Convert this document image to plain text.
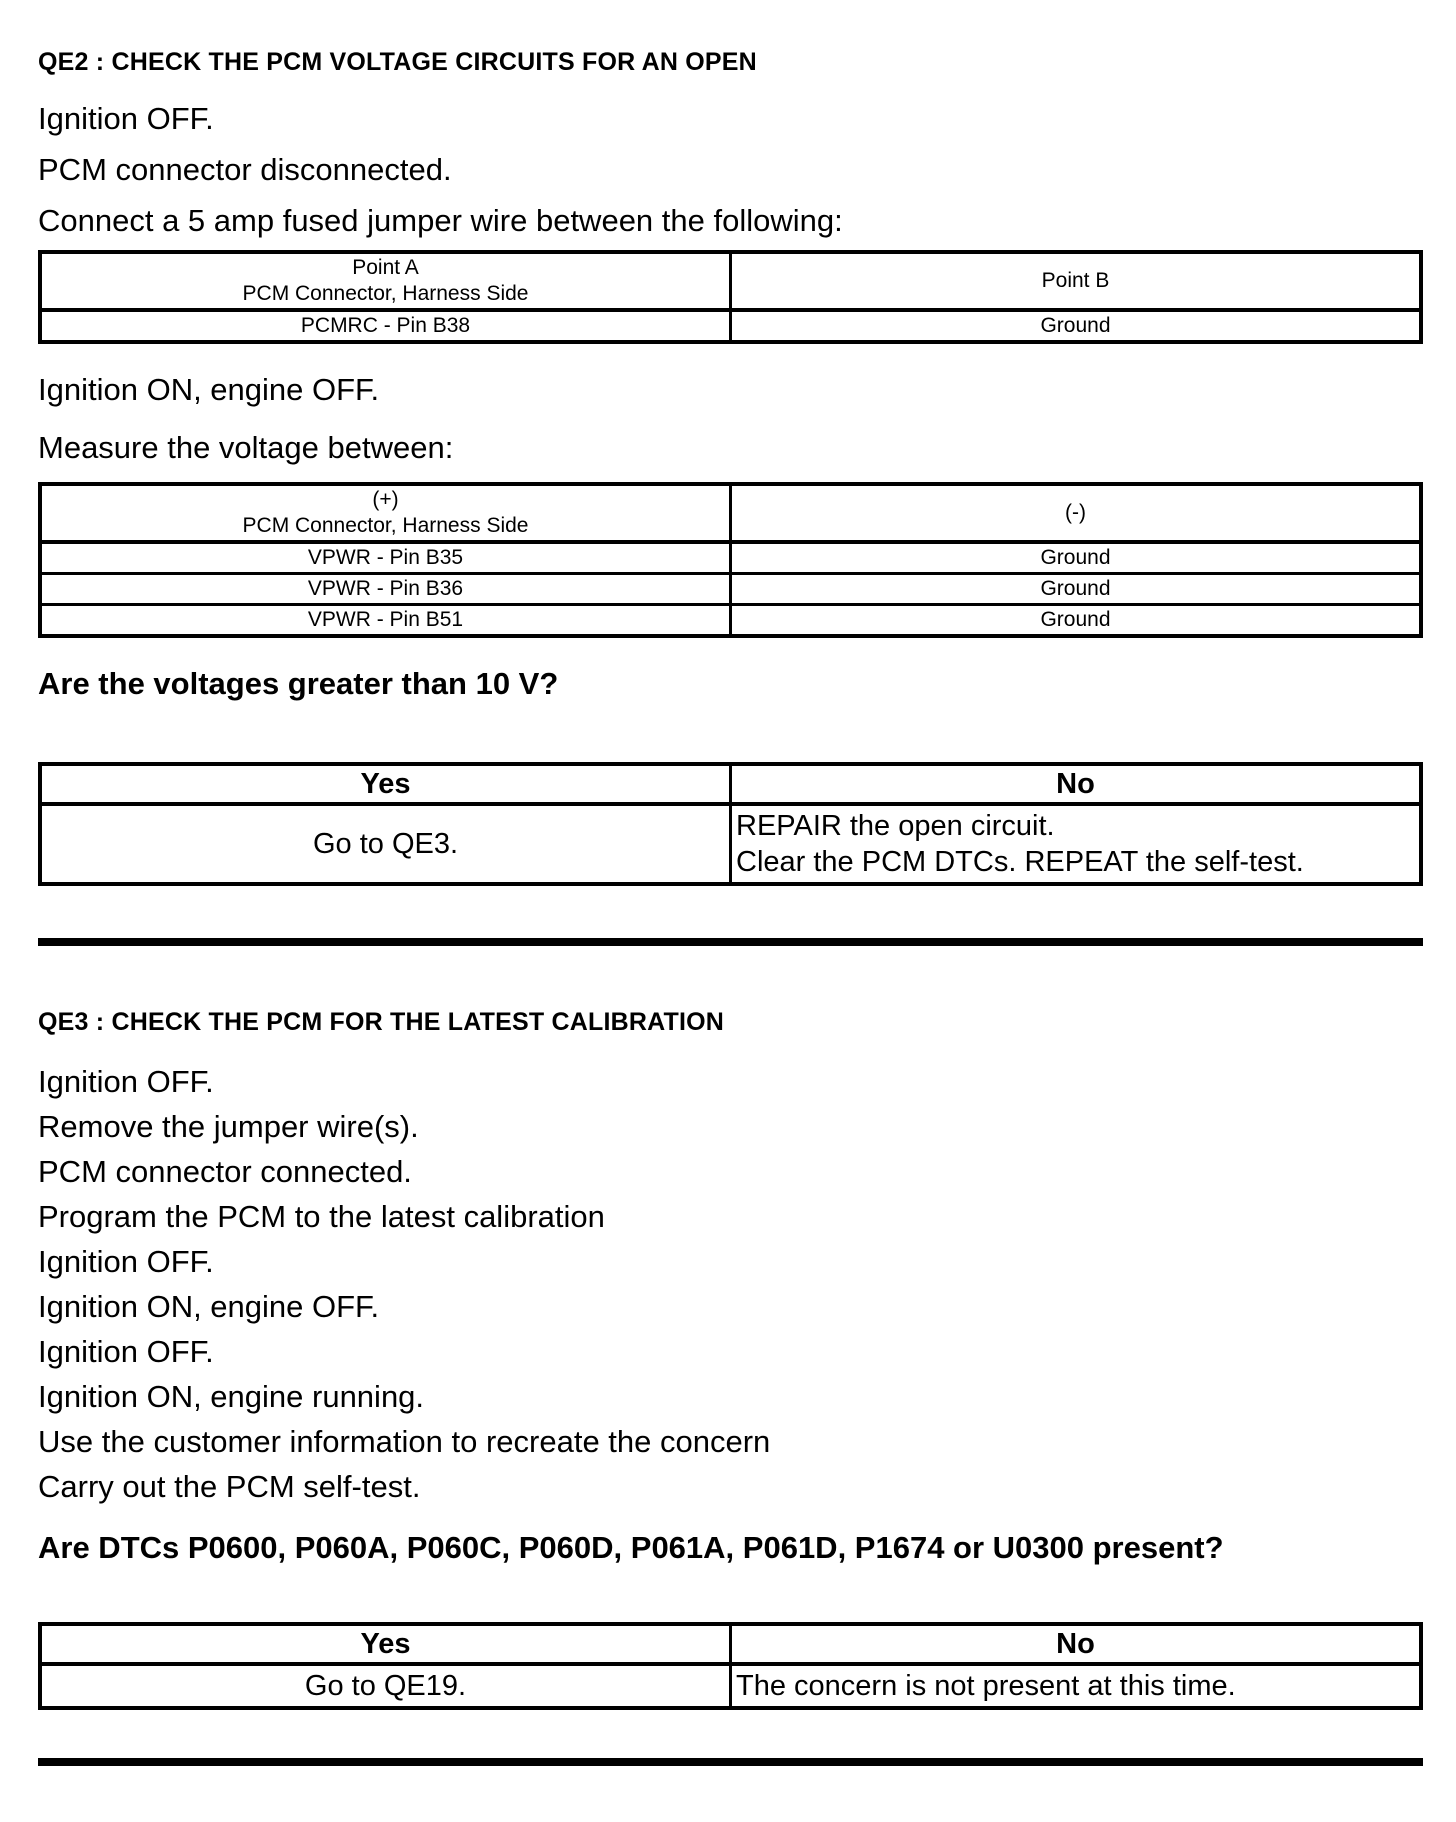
QE2 : CHECK THE PCM VOLTAGE CIRCUITS FOR AN OPEN

Ignition OFF.

PCM connector disconnected.

Connect a 5 amp fused jumper wire between the following:

Point A
PCM Connector, Harness Side	Point B

PCMRC - Pin B38	Ground

Ignition ON, engine OFF.

Measure the voltage between:

(+)
PCM Connector, Harness Side	(-)

VPWR - Pin B35	Ground
VPWR - Pin B36	Ground
VPWR - Pin B51	Ground

Are the voltages greater than 10 V?

Yes	No
Go to QE3.	REPAIR the open circuit.
Clear the PCM DTCs. REPEAT the self-test.
QE3 : CHECK THE PCM FOR THE LATEST CALIBRATION

Ignition OFF.

Remove the jumper wire(s).

PCM connector connected.

Program the PCM to the latest calibration

Ignition OFF.

Ignition ON, engine OFF.

Ignition OFF.

Ignition ON, engine running.

Use the customer information to recreate the concern

Carry out the PCM self-test.

Are DTCs P0600, P060A, P060C, P060D, P061A, P061D, P1674 or U0300 present?

Yes	No
Go to QE19.	The concern is not present at this time.
